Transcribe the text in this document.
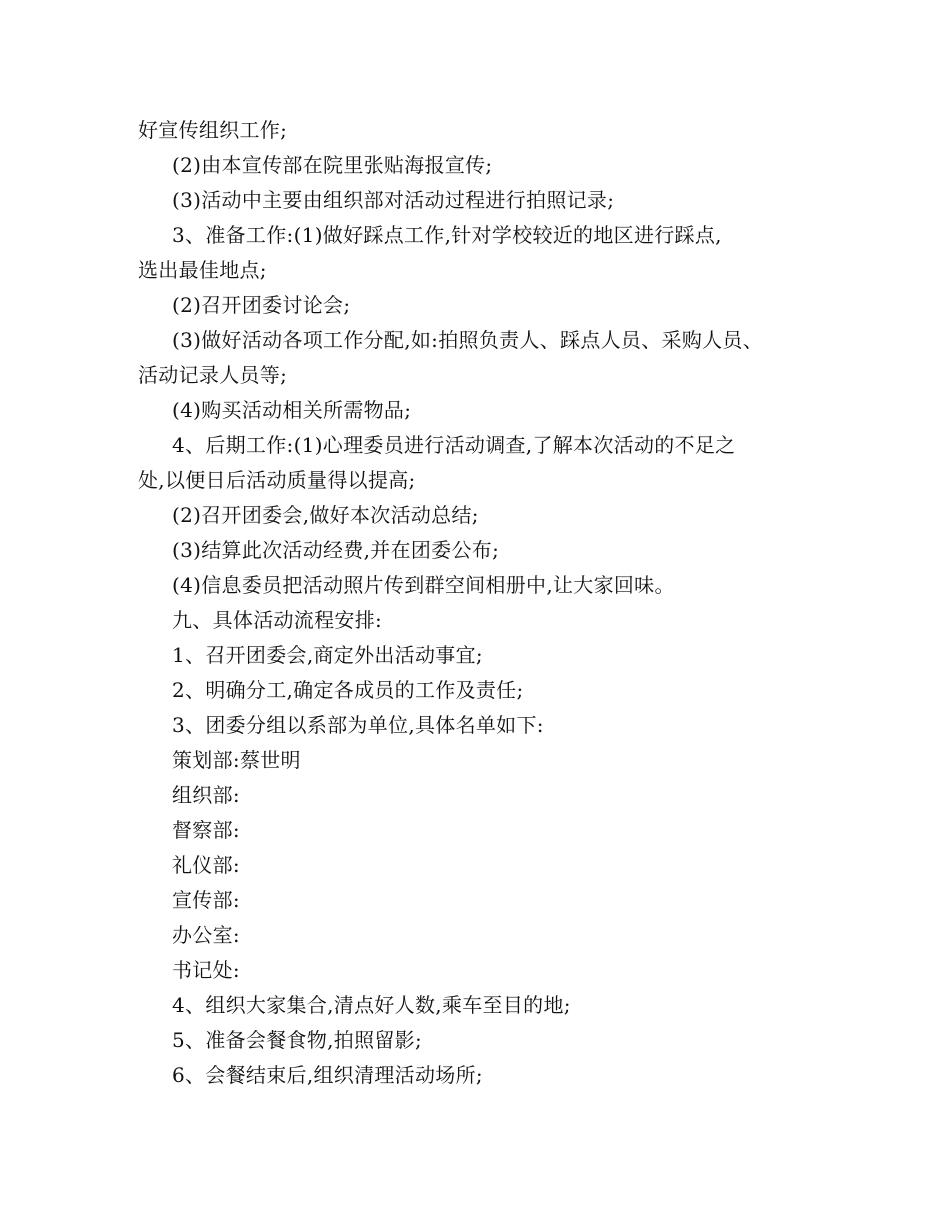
好宣传组织工作;
(2)由本宣传部在院里张贴海报宣传;
(3)活动中主要由组织部对活动过程进行拍照记录;
3、准备工作:(1)做好踩点工作,针对学校较近的地区进行踩点,
选出最佳地点;
(2)召开团委讨论会;
(3)做好活动各项工作分配,如:拍照负责人、踩点人员、采购人员、
活动记录人员等;
(4)购买活动相关所需物品;
4、后期工作:(1)心理委员进行活动调查,了解本次活动的不足之
处,以便日后活动质量得以提高;
(2)召开团委会,做好本次活动总结;
(3)结算此次活动经费,并在团委公布;
(4)信息委员把活动照片传到群空间相册中,让大家回味。
九、具体活动流程安排:
1、召开团委会,商定外出活动事宜;
2、明确分工,确定各成员的工作及责任;
3、团委分组以系部为单位,具体名单如下:
策划部:蔡世明
组织部:
督察部:
礼仪部:
宣传部:
办公室:
书记处:
4、组织大家集合,清点好人数,乘车至目的地;
5、准备会餐食物,拍照留影;
6、会餐结束后,组织清理活动场所;
